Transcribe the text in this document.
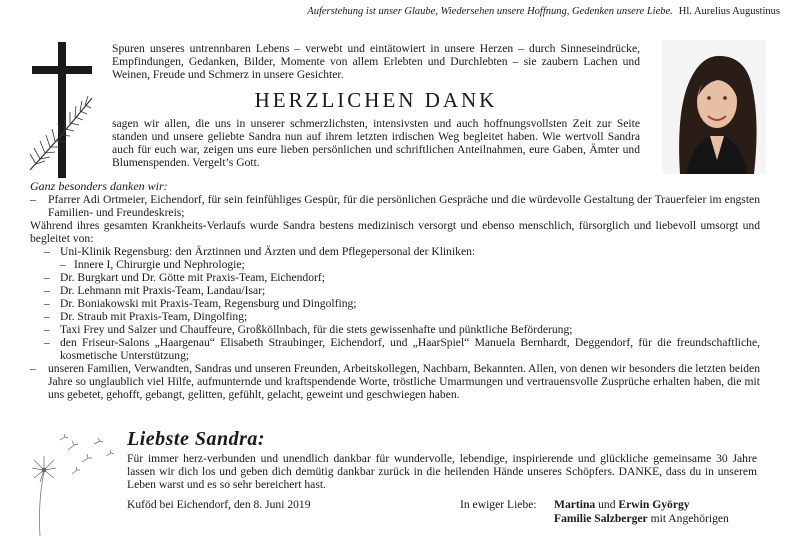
Auferstehung ist unser Glaube, Wiedersehen unsere Hoffnung, Gedenken unsere Liebe. Hl. Aurelius Augustinus
Spuren unseres untrennbaren Lebens – verwebt und eintätowiert in unsere Herzen – durch Sinneseindrücke, Empfindungen, Gedanken, Bilder, Momente von allem Erlebten und Durchlebten – sie zaubern Lachen und Weinen, Freude und Schmerz in unsere Gesichter.
HERZLICHEN DANK
sagen wir allen, die uns in unserer schmerzlichsten, intensivsten und auch hoffnungsvollsten Zeit zur Seite standen und unsere geliebte Sandra nun auf ihrem letzten irdischen Weg begleitet haben. Wie wertvoll Sandra auch für euch war, zeigen uns eure lieben persönlichen und schriftlichen Anteilnahmen, eure Gaben, Ämter und Blumenspenden. Vergelt’s Gott.
Ganz besonders danken wir:
– Pfarrer Adi Ortmeier, Eichendorf, für sein feinfühliges Gespür, für die persönlichen Gespräche und die würdevolle Gestaltung der Trauerfeier im engsten Familien- und Freundeskreis;
Während ihres gesamten Krankheits-Verlaufs wurde Sandra bestens medizinisch versorgt und ebenso menschlich, fürsorglich und liebevoll umsorgt und begleitet von:
– Uni-Klinik Regensburg: den Ärztinnen und Ärzten und dem Pflegepersonal der Kliniken:
– Innere I, Chirurgie und Nephrologie;
– Dr. Burgkart und Dr. Götte mit Praxis-Team, Eichendorf;
– Dr. Lehmann mit Praxis-Team, Landau/Isar;
– Dr. Boniakowski mit Praxis-Team, Regensburg und Dingolfing;
– Dr. Straub mit Praxis-Team, Dingolfing;
– Taxi Frey und Salzer und Chauffeure, Großköllnbach, für die stets gewissenhafte und pünktliche Beförderung;
– den Friseur-Salons „Haargenau“ Elisabeth Straubinger, Eichendorf, und „HaarSpiel“ Manuela Bernhardt, Deggendorf, für die freundschaftliche, kosmetische Unterstützung;
– unseren Familien, Verwandten, Sandras und unseren Freunden, Arbeitskollegen, Nachbarn, Bekannten. Allen, von denen wir besonders die letzten beiden Jahre so unglaublich viel Hilfe, aufmunternde und kraftspendende Worte, tröstliche Umarmungen und vertrauensvolle Zusprüche erhalten haben, die mit uns gebetet, gehofft, gebangt, gelitten, gefühlt, gelacht, geweint und geschwiegen haben.
Liebste Sandra:
Für immer herz-verbunden und unendlich dankbar für wundervolle, lebendige, inspirierende und glückliche gemeinsame 30 Jahre lassen wir dich los und geben dich demütig dankbar zurück in die heilenden Hände unseres Schöpfers. DANKE, dass du in unserem Leben warst und es so sehr bereichert hast.
Kuföd bei Eichendorf, den 8. Juni 2019	In ewiger Liebe: Martina und Erwin György
Familie Salzberger mit Angehörigen
